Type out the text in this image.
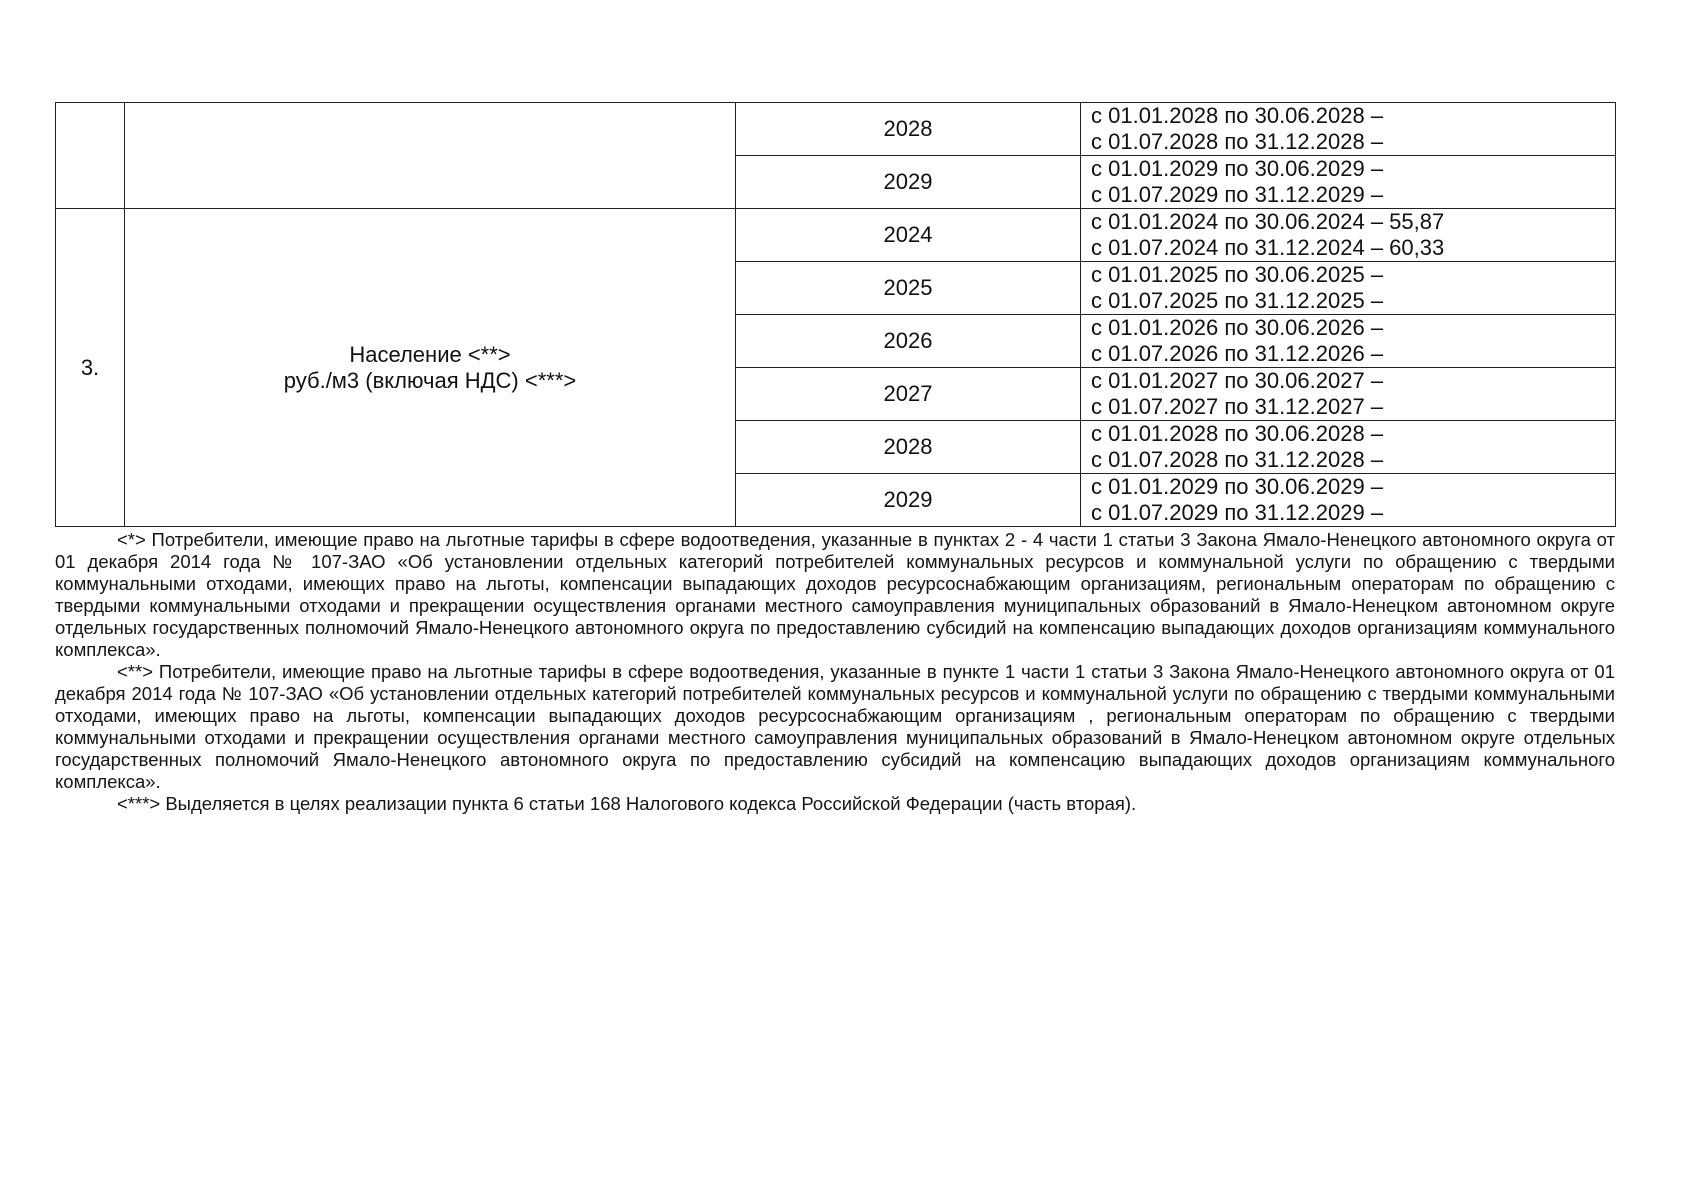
		2028	с 01.01.2028 по 30.06.2028 –
с 01.07.2028 по 31.12.2028 –

		2029	с 01.01.2029 по 30.06.2029 –
с 01.07.2029 по 31.12.2029 –

3.	Население <**>
руб./м3 (включая НДС) <***>	2024	с 01.01.2024 по 30.06.2024 – 55,87
с 01.07.2024 по 31.12.2024 – 60,33

		2025	с 01.01.2025 по 30.06.2025 –
с 01.07.2025 по 31.12.2025 –

		2026	с 01.01.2026 по 30.06.2026 –
с 01.07.2026 по 31.12.2026 –

		2027	с 01.01.2027 по 30.06.2027 –
с 01.07.2027 по 31.12.2027 –

		2028	с 01.01.2028 по 30.06.2028 –
с 01.07.2028 по 31.12.2028 –

		2029	с 01.01.2029 по 30.06.2029 –
с 01.07.2029 по 31.12.2029 –

<*> Потребители, имеющие право на льготные тарифы в сфере водоотведения, указанные в пунктах 2 - 4 части 1 статьи 3 Закона Ямало-Ненецкого автономного округа от 01 декабря 2014 года № 107-ЗАО «Об установлении отдельных категорий потребителей коммунальных ресурсов и коммунальной услуги по обращению с твердыми коммунальными отходами, имеющих право на льготы, компенсации выпадающих доходов ресурсоснабжающим организациям, региональным операторам по обращению с твердыми коммунальными отходами и прекращении осуществления органами местного самоуправления муниципальных образований в Ямало-Ненецком автономном округе отдельных государственных полномочий Ямало-Ненецкого автономного округа по предоставлению субсидий на компенсацию выпадающих доходов организациям коммунального комплекса».

<**> Потребители, имеющие право на льготные тарифы в сфере водоотведения, указанные в пункте 1 части 1 статьи 3 Закона Ямало-Ненецкого автономного округа от 01 декабря 2014 года № 107-ЗАО «Об установлении отдельных категорий потребителей коммунальных ресурсов и коммунальной услуги по обращению с твердыми коммунальными отходами, имеющих право на льготы, компенсации выпадающих доходов ресурсоснабжающим организациям , региональным операторам по обращению с твердыми коммунальными отходами и прекращении осуществления органами местного самоуправления муниципальных образований в Ямало-Ненецком автономном округе отдельных государственных полномочий Ямало-Ненецкого автономного округа по предоставлению субсидий на компенсацию выпадающих доходов организациям коммунального комплекса».

<***> Выделяется в целях реализации пункта 6 статьи 168 Налогового кодекса Российской Федерации (часть вторая).
